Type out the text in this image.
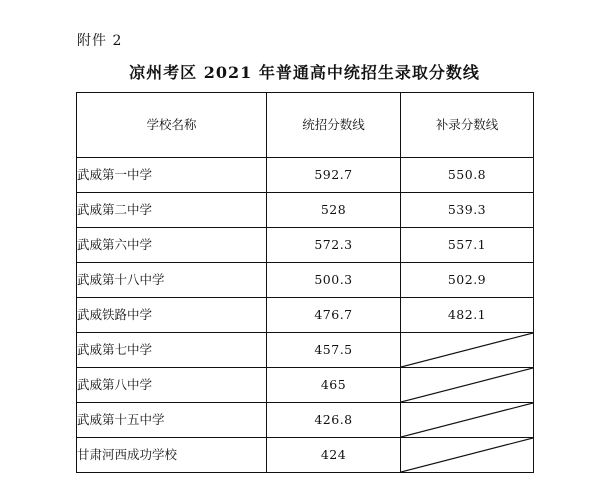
附件 2
凉州考区 2021 年普通高中统招生录取分数线
学校名称	统招分数线	补录分数线
武威第一中学	592.7	550.8
武威第二中学	528	539.3
武威第六中学	572.3	557.1
武威第十八中学	500.3	502.9
武威铁路中学	476.7	482.1
武威第七中学	457.5	

武威第八中学	465	

武威第十五中学	426.8	

甘肃河西成功学校	424	
